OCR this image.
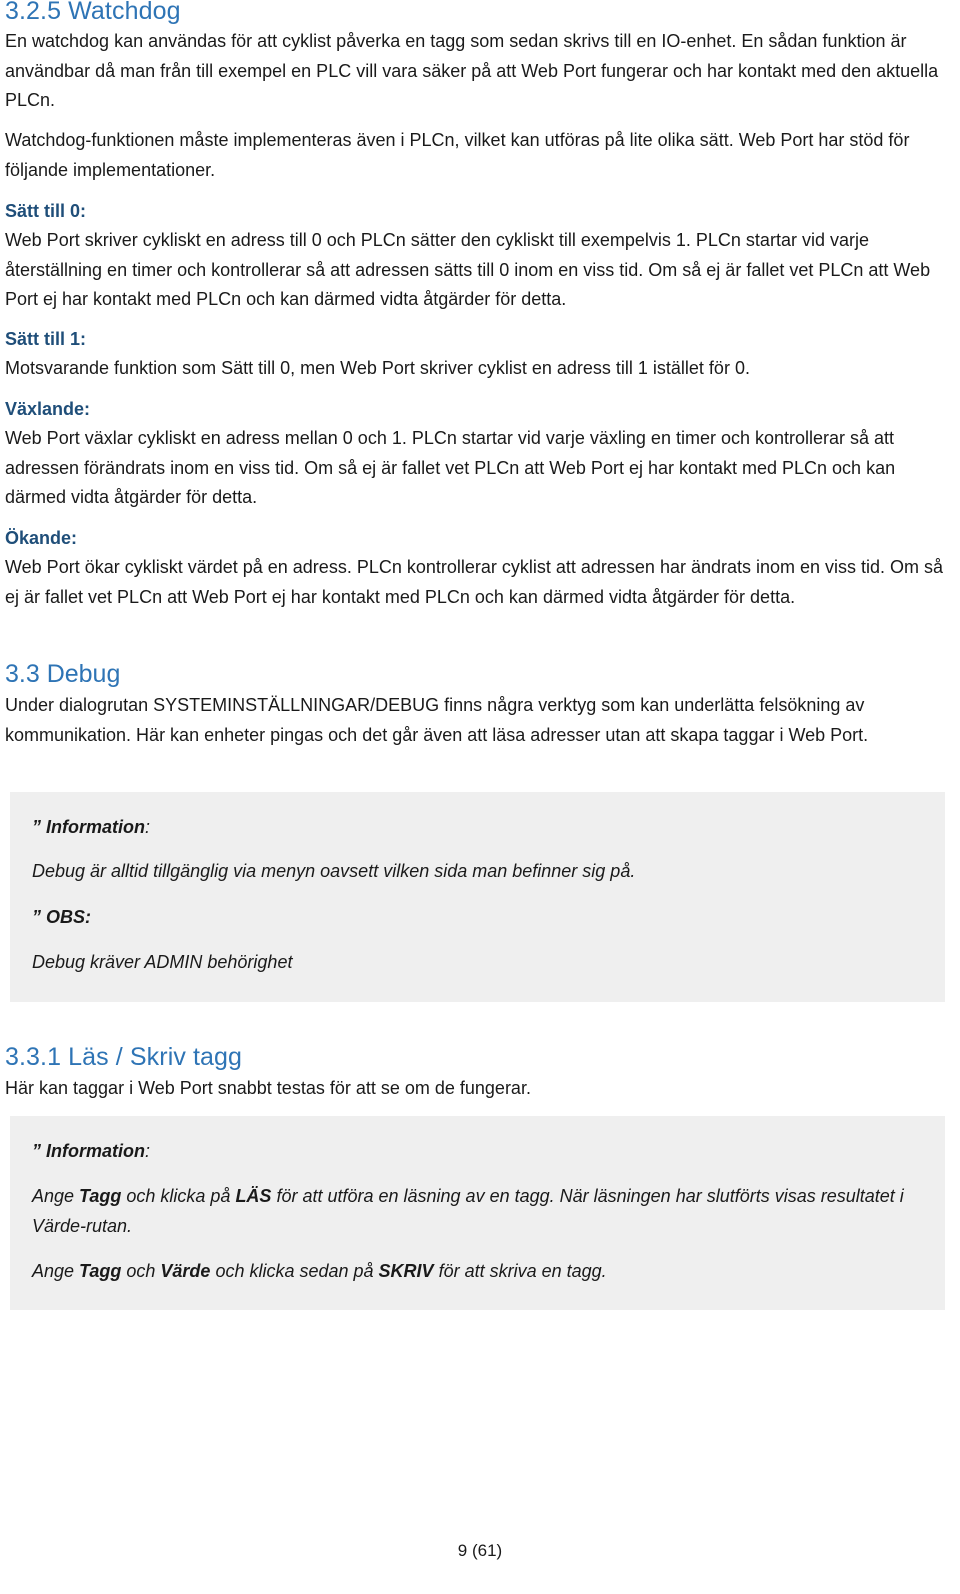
3.2.5 Watchdog

En watchdog kan användas för att cyklist påverka en tagg som sedan skrivs till en IO-enhet. En sådan funktion är användbar då man från till exempel en PLC vill vara säker på att Web Port fungerar och har kontakt med den aktuella PLCn.

Watchdog-funktionen måste implementeras även i PLCn, vilket kan utföras på lite olika sätt. Web Port har stöd för följande implementationer.

Sätt till 0:

Web Port skriver cykliskt en adress till 0 och PLCn sätter den cykliskt till exempelvis 1. PLCn startar vid varje återställning en timer och kontrollerar så att adressen sätts till 0 inom en viss tid. Om så ej är fallet vet PLCn att Web Port ej har kontakt med PLCn och kan därmed vidta åtgärder för detta.

Sätt till 1:

Motsvarande funktion som Sätt till 0, men Web Port skriver cyklist en adress till 1 istället för 0.

Växlande:

Web Port växlar cykliskt en adress mellan 0 och 1. PLCn startar vid varje växling en timer och kontrollerar så att adressen förändrats inom en viss tid. Om så ej är fallet vet PLCn att Web Port ej har kontakt med PLCn och kan därmed vidta åtgärder för detta.

Ökande:

Web Port ökar cykliskt värdet på en adress. PLCn kontrollerar cyklist att adressen har ändrats inom en viss tid. Om så ej är fallet vet PLCn att Web Port ej har kontakt med PLCn och kan därmed vidta åtgärder för detta.

3.3 Debug

Under dialogrutan SYSTEMINSTÄLLNINGAR/DEBUG finns några verktyg som kan underlätta felsökning av kommunikation. Här kan enheter pingas och det går även att läsa adresser utan att skapa taggar i Web Port.

” Information:

Debug är alltid tillgänglig via menyn oavsett vilken sida man befinner sig på.

” OBS:

Debug kräver ADMIN behörighet

3.3.1 Läs / Skriv tagg

Här kan taggar i Web Port snabbt testas för att se om de fungerar.

” Information:

Ange Tagg och klicka på LÄS för att utföra en läsning av en tagg. När läsningen har slutförts visas resultatet i Värde-rutan.

Ange Tagg och Värde och klicka sedan på SKRIV för att skriva en tagg.

9 (61)
